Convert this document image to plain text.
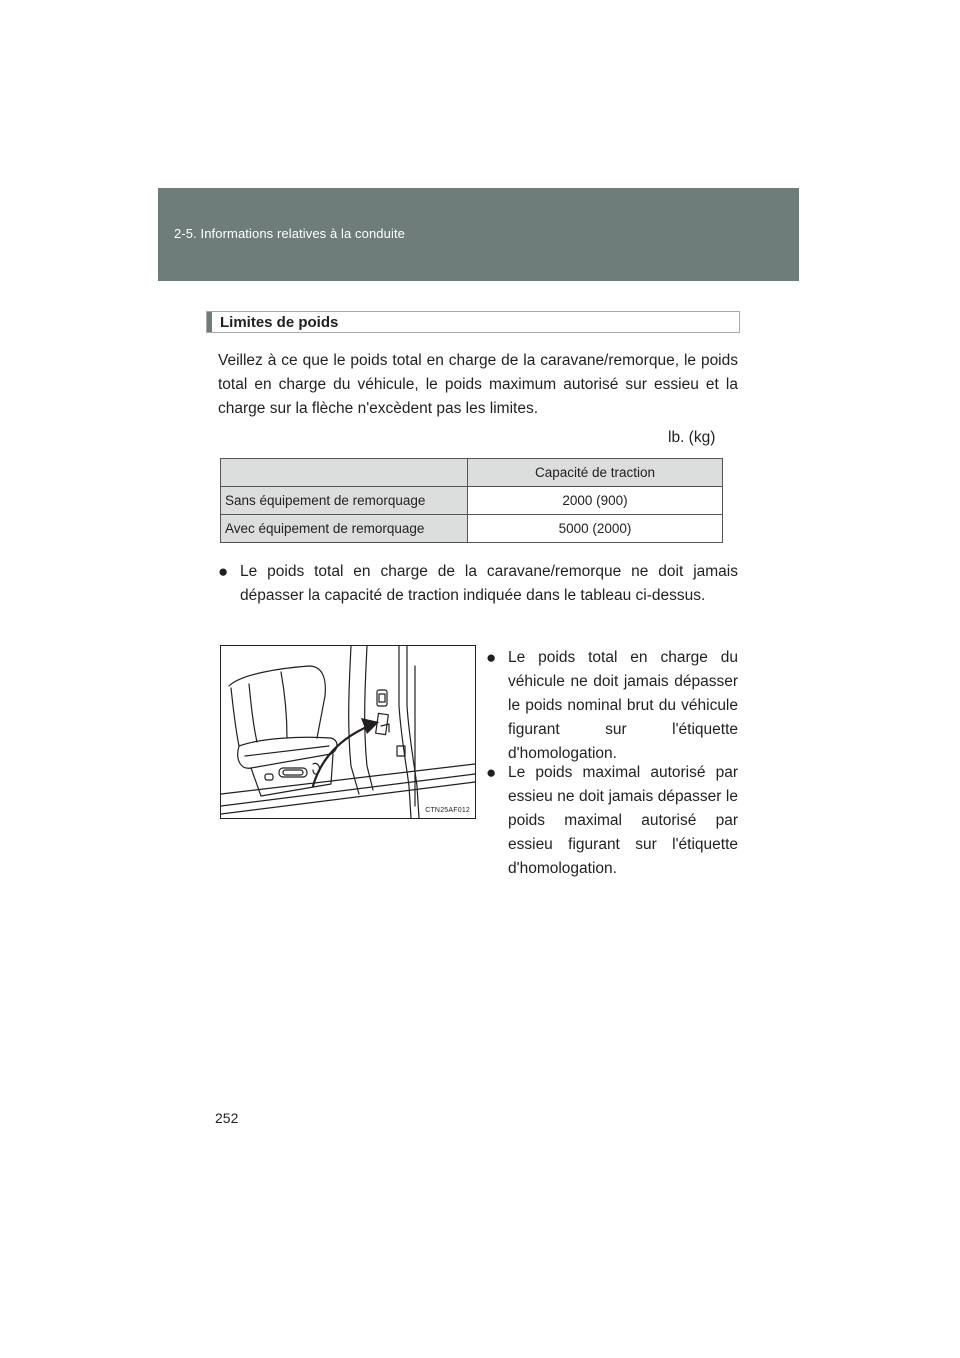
2-5. Informations relatives à la conduite
Limites de poids
Veillez à ce que le poids total en charge de la caravane/remorque, le poids total en charge du véhicule, le poids maximum autorisé sur essieu et la charge sur la flèche n'excèdent pas les limites.
lb. (kg)
	Capacité de traction
Sans équipement de remorquage	2000 (900)
Avec équipement de remorquage	5000 (2000)
● Le poids total en charge de la caravane/remorque ne doit jamais dépasser la capacité de traction indiquée dans le tableau ci-dessus.
CTN25AF012
● Le poids total en charge du véhicule ne doit jamais dépasser le poids nominal brut du véhicule figurant sur l'étiquette d'homologation.
● Le poids maximal autorisé par essieu ne doit jamais dépasser le poids maximal autorisé par essieu figurant sur l'étiquette d'homologation.
252
